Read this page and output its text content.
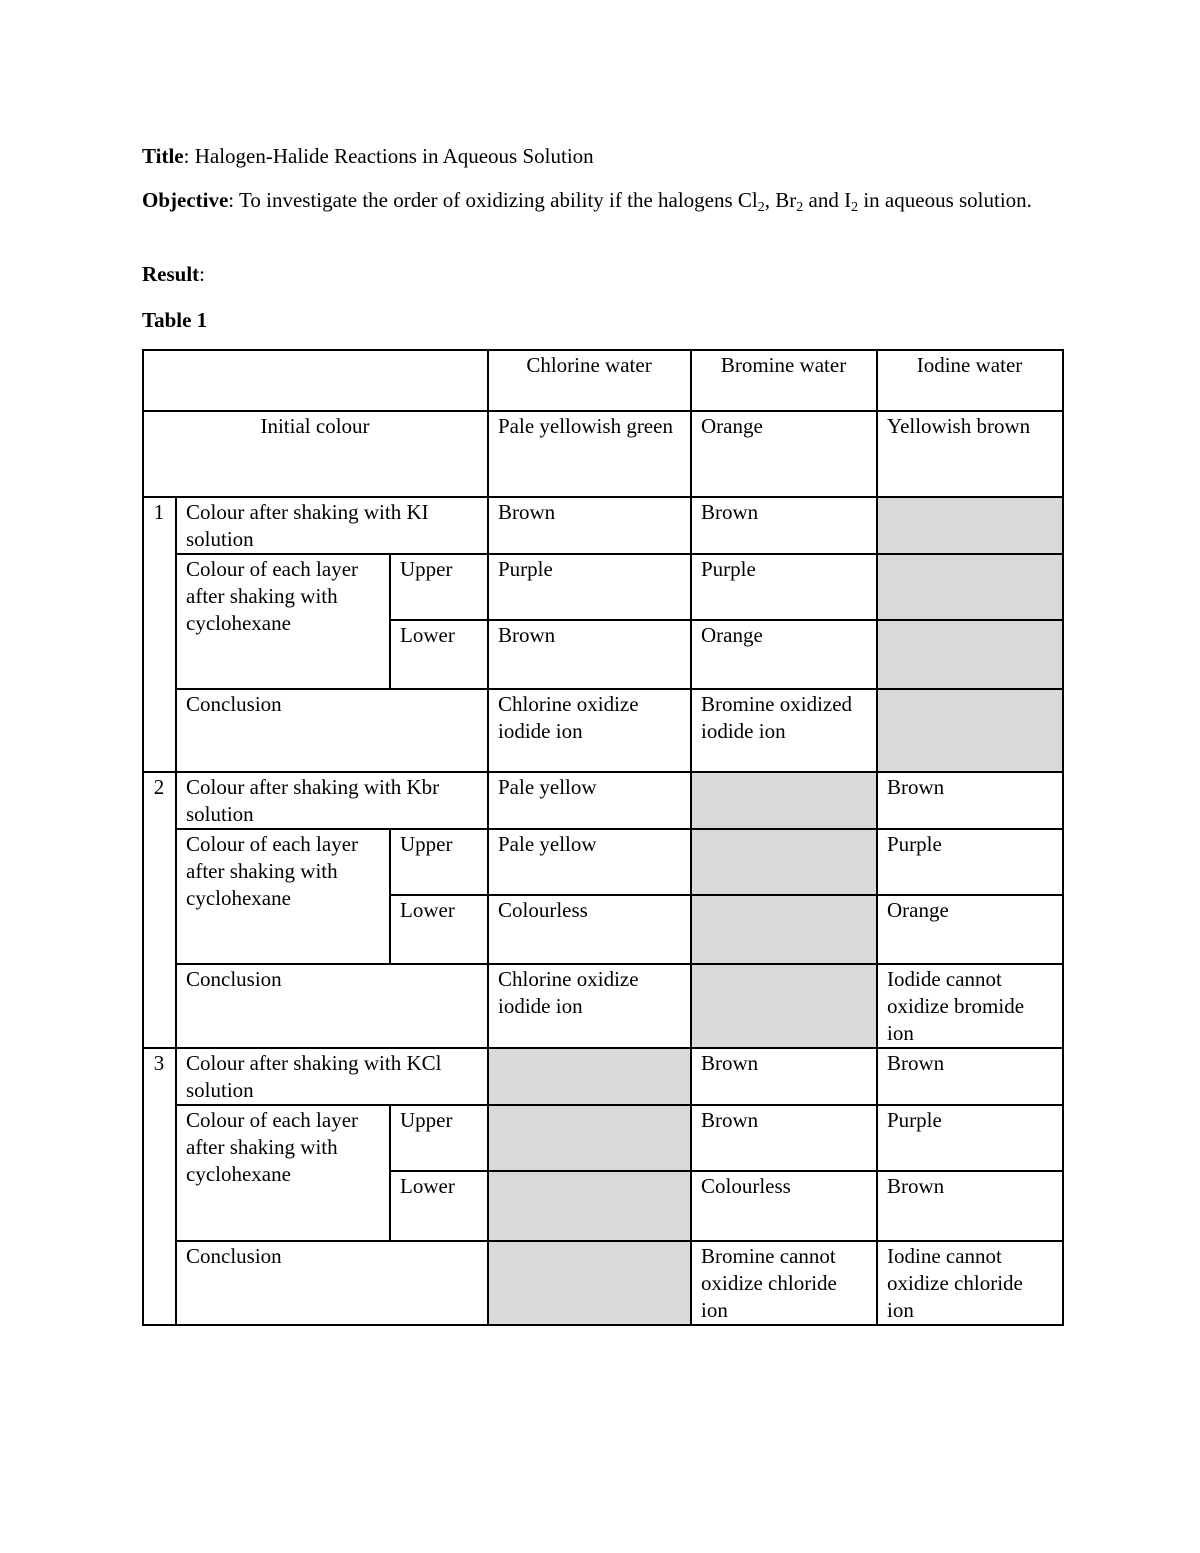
Title: Halogen-Halide Reactions in Aqueous Solution

Objective: To investigate the order of oxidizing ability if the halogens $Cl_2$, $Br_2$ and $I_2$ in aqueous solution.

Result:

Table 1

			Chlorine water	Bromine water	Iodine water
Initial colour			Pale yellowish green	Orange	Yellowish brown
1	Colour after shaking with KI solution		Brown	Brown	
	Colour of each layer after shaking with cyclohexane	Upper	Purple	Purple	
		Lower	Brown	Orange	
	Conclusion		Chlorine oxidize iodide ion	Bromine oxidized iodide ion	
2	Colour after shaking with Kbr solution		Pale yellow		Brown
	Colour of each layer after shaking with cyclohexane	Upper	Pale yellow		Purple
		Lower	Colourless		Orange
	Conclusion		Chlorine oxidize iodide ion		Iodide cannot oxidize bromide ion
3	Colour after shaking with KCl solution			Brown	Brown
	Colour of each layer after shaking with cyclohexane	Upper		Brown	Purple
		Lower		Colourless	Brown
	Conclusion			Bromine cannot oxidize chloride ion	Iodine cannot oxidize chloride ion
